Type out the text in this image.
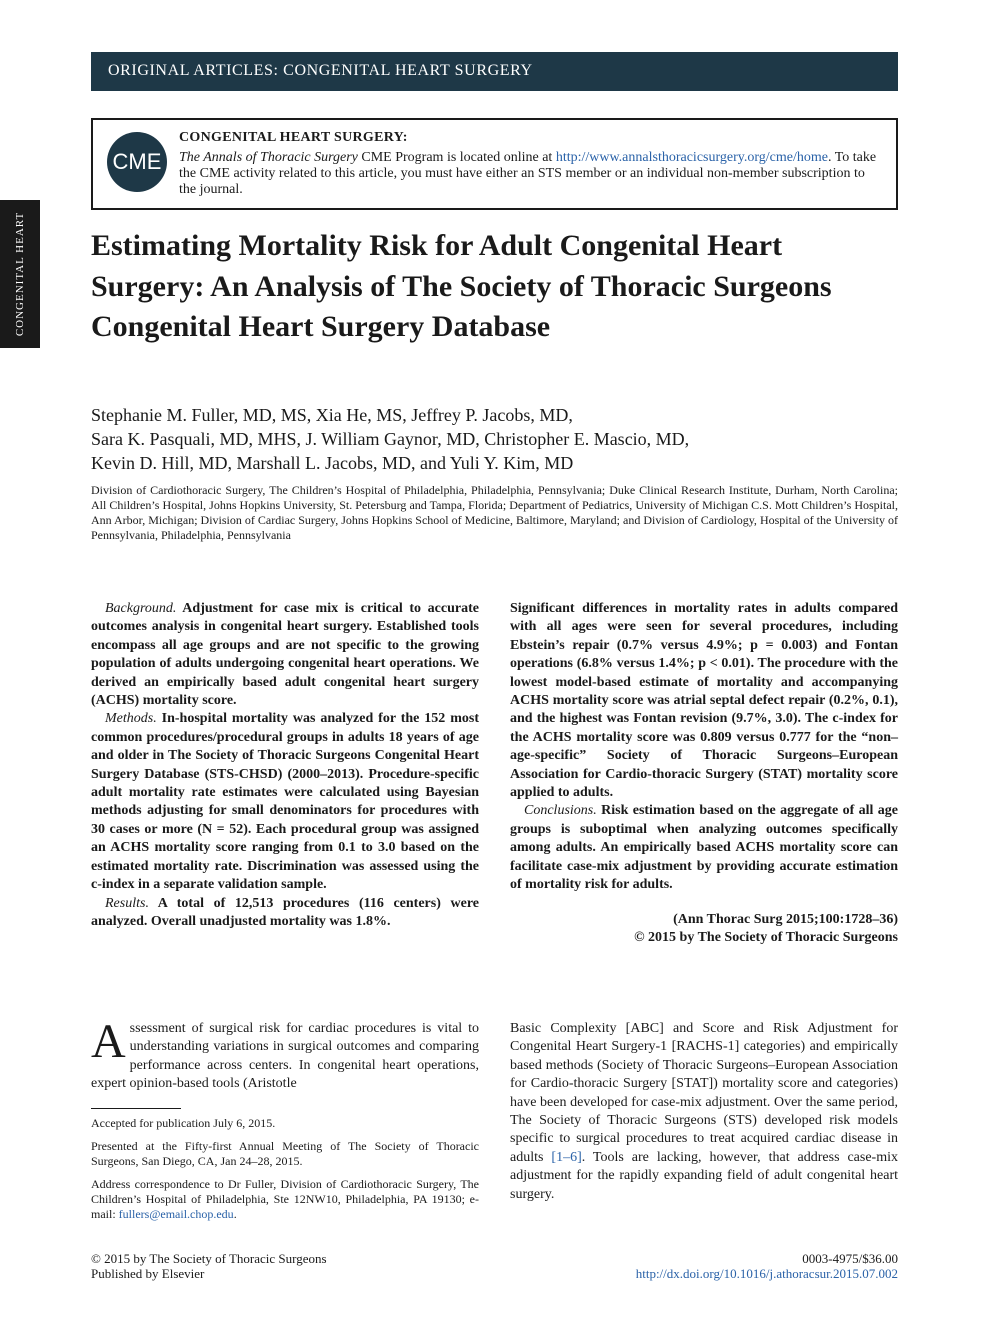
ORIGINAL ARTICLES: CONGENITAL HEART SURGERY
CONGENITAL HEART
CME
CONGENITAL HEART SURGERY:
The Annals of Thoracic Surgery CME Program is located online at http://www.annalsthoracicsurgery.org/cme/home. To take the CME activity related to this article, you must have either an STS member or an individual non-member subscription to the journal.
Estimating Mortality Risk for Adult Congenital Heart Surgery: An Analysis of The Society of Thoracic Surgeons Congenital Heart Surgery Database
Stephanie M. Fuller, MD, MS, Xia He, MS, Jeffrey P. Jacobs, MD,
Sara K. Pasquali, MD, MHS, J. William Gaynor, MD, Christopher E. Mascio, MD,
Kevin D. Hill, MD, Marshall L. Jacobs, MD, and Yuli Y. Kim, MD
Division of Cardiothoracic Surgery, The Children’s Hospital of Philadelphia, Philadelphia, Pennsylvania; Duke Clinical Research Institute, Durham, North Carolina; All Children’s Hospital, Johns Hopkins University, St. Petersburg and Tampa, Florida; Department of Pediatrics, University of Michigan C.S. Mott Children’s Hospital, Ann Arbor, Michigan; Division of Cardiac Surgery, Johns Hopkins School of Medicine, Baltimore, Maryland; and Division of Cardiology, Hospital of the University of Pennsylvania, Philadelphia, Pennsylvania

Background. Adjustment for case mix is critical to accurate outcomes analysis in congenital heart surgery. Established tools encompass all age groups and are not specific to the growing population of adults undergoing congenital heart operations. We derived an empirically based adult congenital heart surgery (ACHS) mortality score.

Methods. In-hospital mortality was analyzed for the 152 most common procedures/procedural groups in adults 18 years of age and older in The Society of Thoracic Surgeons Congenital Heart Surgery Database (STS-CHSD) (2000–2013). Procedure-specific adult mortality rate estimates were calculated using Bayesian methods adjusting for small denominators for procedures with 30 cases or more (N = 52). Each procedural group was assigned an ACHS mortality score ranging from 0.1 to 3.0 based on the estimated mortality rate. Discrimination was assessed using the c-index in a separate validation sample.

Results. A total of 12,513 procedures (116 centers) were analyzed. Overall unadjusted mortality was 1.8%.

Significant differences in mortality rates in adults compared with all ages were seen for several procedures, including Ebstein’s repair (0.7% versus 4.9%; p = 0.003) and Fontan operations (6.8% versus 1.4%; p < 0.01). The procedure with the lowest model-based estimate of mortality and accompanying ACHS mortality score was atrial septal defect repair (0.2%, 0.1), and the highest was Fontan revision (9.7%, 3.0). The c-index for the ACHS mortality score was 0.809 versus 0.777 for the “non–age-specific” Society of Thoracic Surgeons–European Association for Cardio-thoracic Surgery (STAT) mortality score applied to adults.

Conclusions. Risk estimation based on the aggregate of all age groups is suboptimal when analyzing outcomes specifically among adults. An empirically based ACHS mortality score can facilitate case-mix adjustment by providing accurate estimation of mortality risk for adults.

(Ann Thorac Surg 2015;100:1728–36)
© 2015 by The Society of Thoracic Surgeons

Assessment of surgical risk for cardiac procedures is vital to understanding variations in surgical outcomes and comparing performance across centers. In congenital heart operations, expert opinion-based tools (Aristotle

Basic Complexity [ABC] and Score and Risk Adjustment for Congenital Heart Surgery-1 [RACHS-1] categories) and empirically based methods (Society of Thoracic Surgeons–European Association for Cardio-thoracic Surgery [STAT]) mortality score and categories) have been developed for case-mix adjustment. Over the same period, The Society of Thoracic Surgeons (STS) developed risk models specific to surgical procedures to treat acquired cardiac disease in adults [1–6]. Tools are lacking, however, that address case-mix adjustment for the rapidly expanding field of adult congenital heart surgery.

Accepted for publication July 6, 2015.
Presented at the Fifty-first Annual Meeting of The Society of Thoracic Surgeons, San Diego, CA, Jan 24–28, 2015.
Address correspondence to Dr Fuller, Division of Cardiothoracic Surgery, The Children’s Hospital of Philadelphia, Ste 12NW10, Philadelphia, PA 19130; e-mail: fullers@email.chop.edu.
© 2015 by The Society of Thoracic Surgeons
Published by Elsevier
0003-4975/$36.00
http://dx.doi.org/10.1016/j.athoracsur.2015.07.002
